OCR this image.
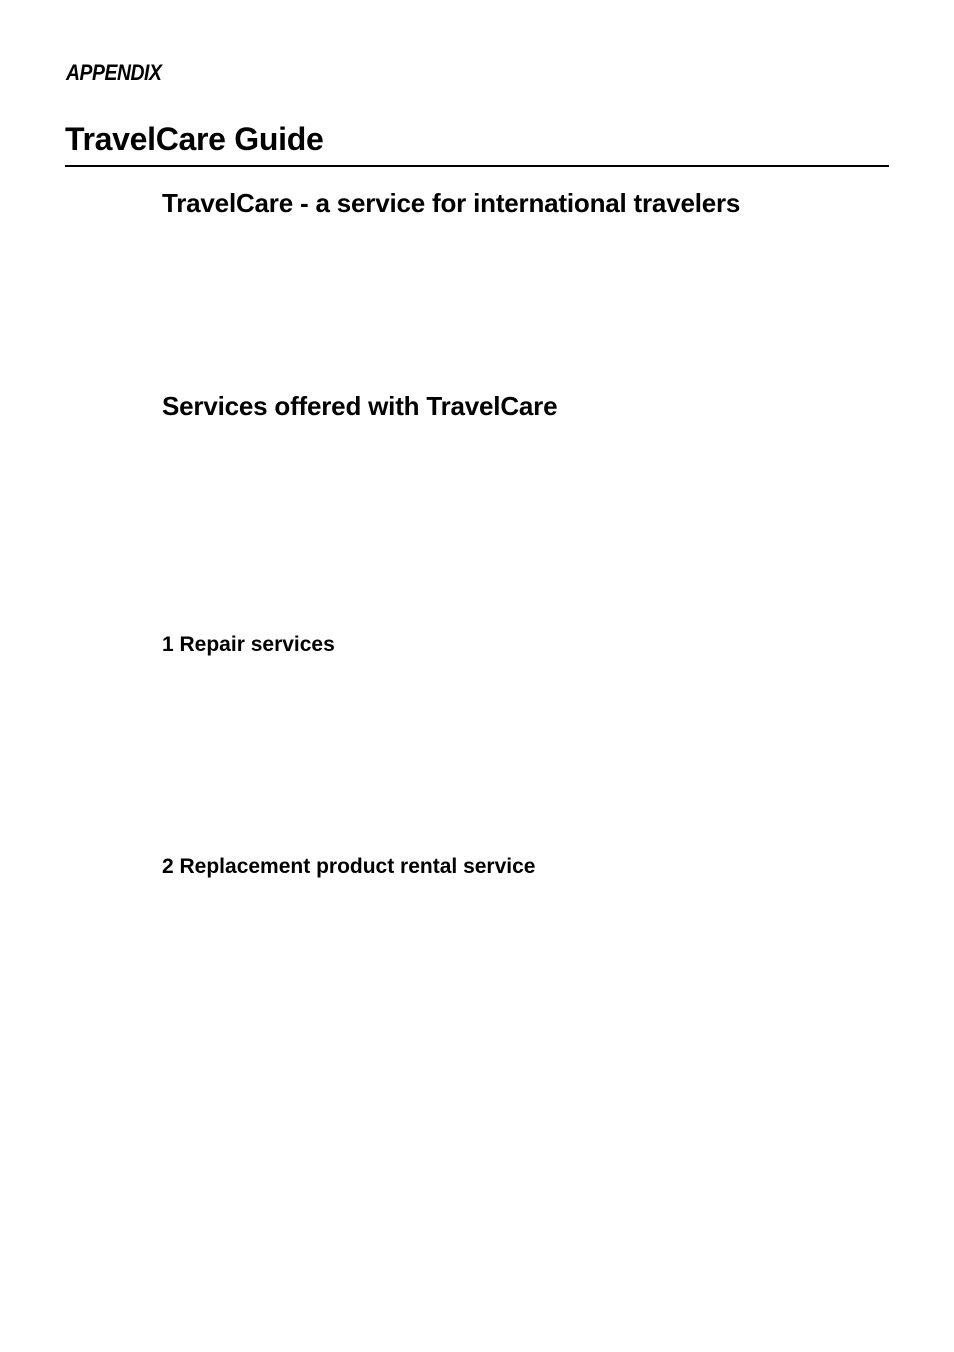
APPENDIX
TravelCare Guide
TravelCare - a service for international travelers
Services offered with TravelCare
1 Repair services
2 Replacement product rental service
